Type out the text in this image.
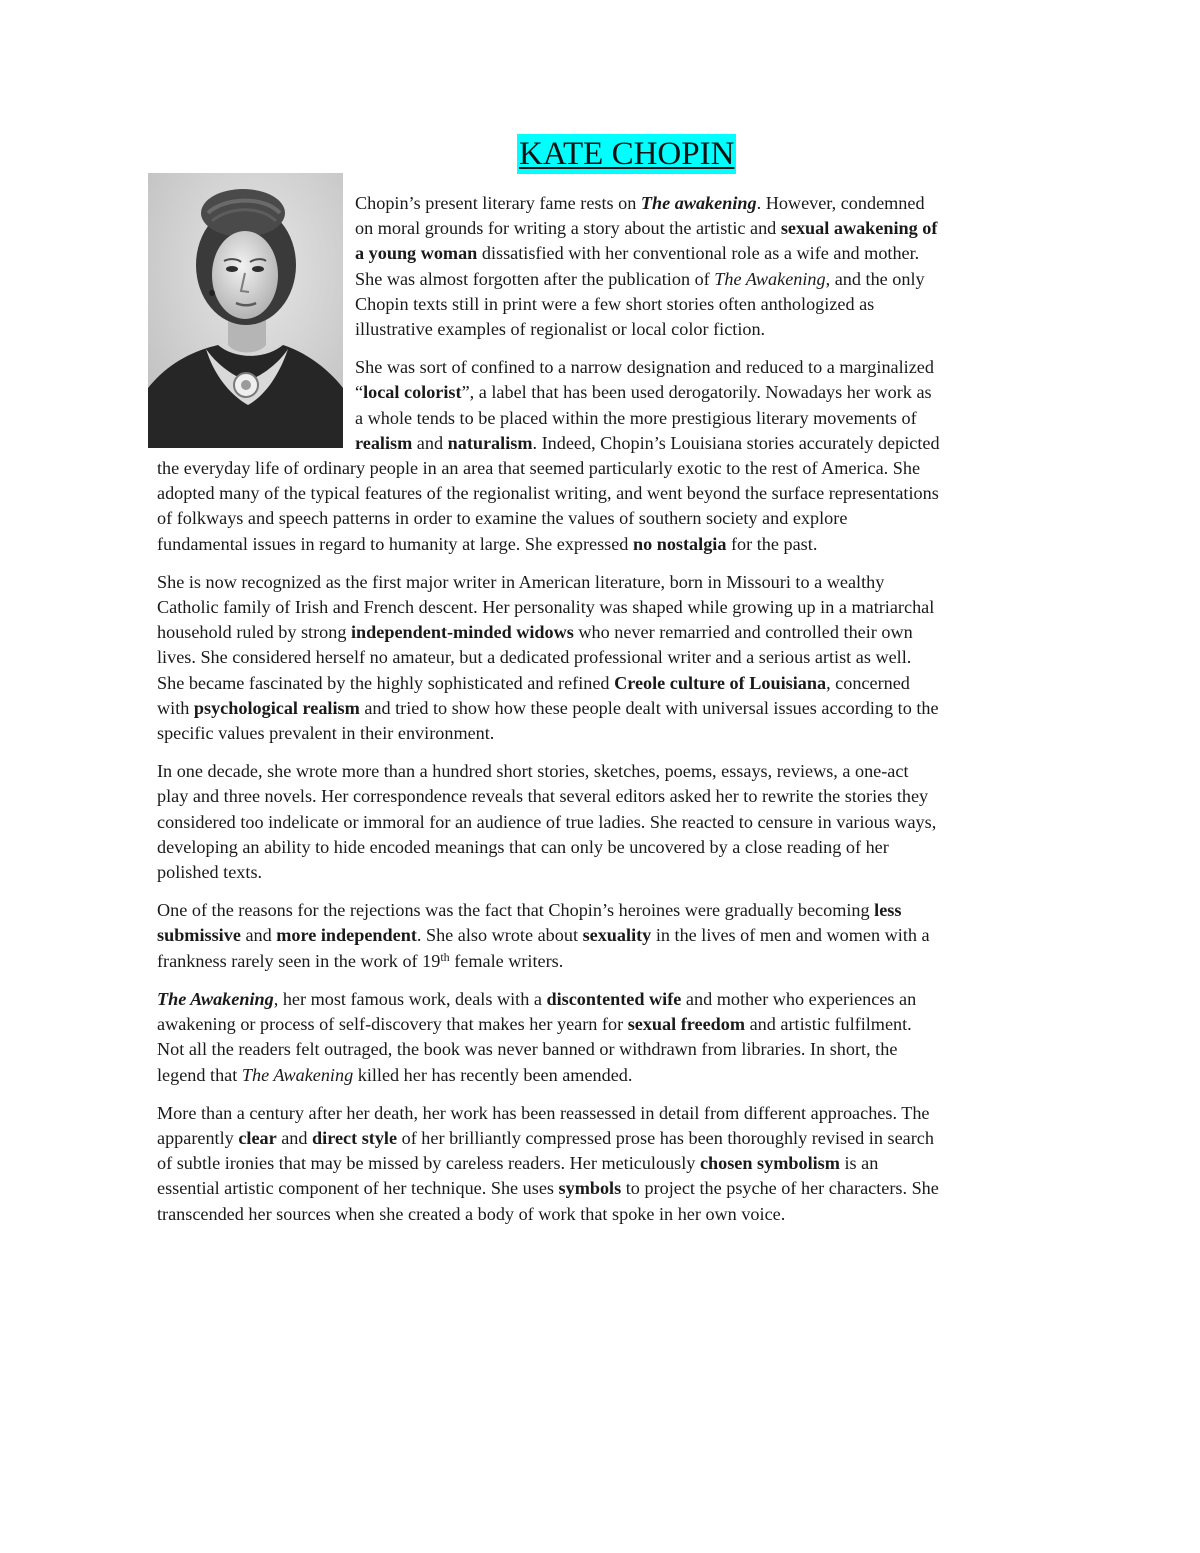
KATE CHOPIN

Chopin’s present literary fame rests on The awakening. However, condemned on moral grounds for writing a story about the artistic and sexual awakening of a young woman dissatisfied with her conventional role as a wife and mother. She was almost forgotten after the publication of The Awakening, and the only Chopin texts still in print were a few short stories often anthologized as illustrative examples of regionalist or local color fiction.

She was sort of confined to a narrow designation and reduced to a marginalized “local colorist”, a label that has been used derogatorily. Nowadays her work as a whole tends to be placed within the more prestigious literary movements of realism and naturalism. Indeed, Chopin’s Louisiana stories accurately depicted the everyday life of ordinary people in an area that seemed particularly exotic to the rest of America. She adopted many of the typical features of the regionalist writing, and went beyond the surface representations of folkways and speech patterns in order to examine the values of southern society and explore fundamental issues in regard to humanity at large. She expressed no nostalgia for the past.

She is now recognized as the first major writer in American literature, born in Missouri to a wealthy Catholic family of Irish and French descent. Her personality was shaped while growing up in a matriarchal household ruled by strong independent-minded widows who never remarried and controlled their own lives. She considered herself no amateur, but a dedicated professional writer and a serious artist as well. She became fascinated by the highly sophisticated and refined Creole culture of Louisiana, concerned with psychological realism and tried to show how these people dealt with universal issues according to the specific values prevalent in their environment.

In one decade, she wrote more than a hundred short stories, sketches, poems, essays, reviews, a one-act play and three novels. Her correspondence reveals that several editors asked her to rewrite the stories they considered too indelicate or immoral for an audience of true ladies. She reacted to censure in various ways, developing an ability to hide encoded meanings that can only be uncovered by a close reading of her polished texts.

One of the reasons for the rejections was the fact that Chopin’s heroines were gradually becoming less submissive and more independent. She also wrote about sexuality in the lives of men and women with a frankness rarely seen in the work of 19th female writers.

The Awakening, her most famous work, deals with a discontented wife and mother who experiences an awakening or process of self-discovery that makes her yearn for sexual freedom and artistic fulfilment. Not all the readers felt outraged, the book was never banned or withdrawn from libraries. In short, the legend that The Awakening killed her has recently been amended.

More than a century after her death, her work has been reassessed in detail from different approaches. The apparently clear and direct style of her brilliantly compressed prose has been thoroughly revised in search of subtle ironies that may be missed by careless readers. Her meticulously chosen symbolism is an essential artistic component of her technique. She uses symbols to project the psyche of her characters. She transcended her sources when she created a body of work that spoke in her own voice.
